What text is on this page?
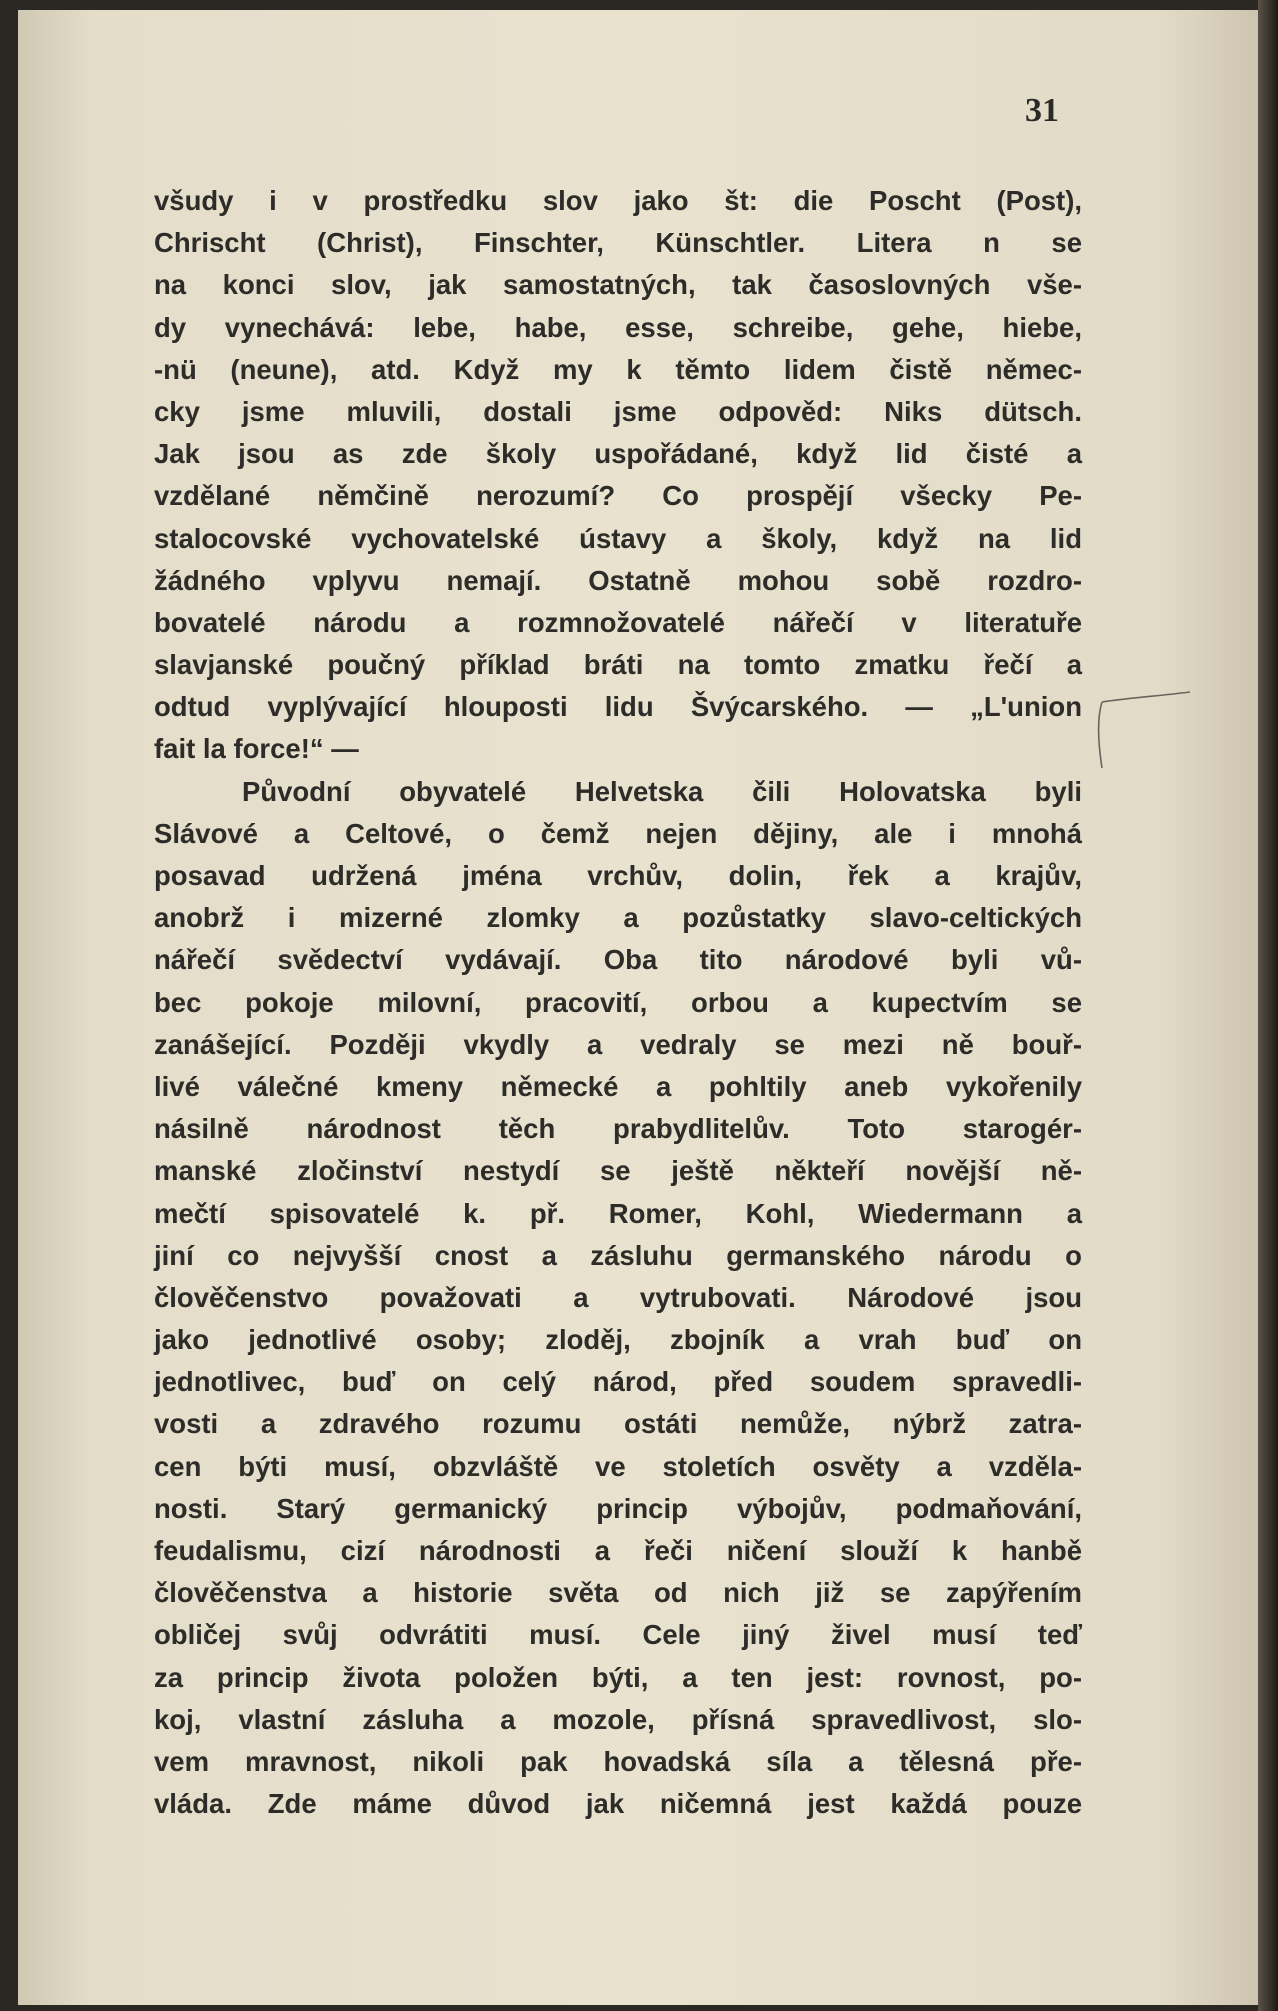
31
všudy i v prostředku slov jako št: die Poscht (Post),
Chrischt (Christ), Finschter, Künschtler. Litera n se
na konci slov, jak samostatných, tak časoslovných vše-
dy vynechává: lebe, habe, esse, schreibe, gehe, hiebe,
-nü (neune), atd. Když my k těmto lidem čistě němec-
cky jsme mluvili, dostali jsme odpověd: Niks dütsch.
Jak jsou as zde školy uspořádané, když lid čisté a
vzdělané němčině nerozumí? Co prospějí všecky Pe-
stalocovské vychovatelské ústavy a školy, když na lid
žádného vplyvu nemají. Ostatně mohou sobě rozdro-
bovatelé národu a rozmnožovatelé nářečí v literatuře
slavjanské poučný příklad bráti na tomto zmatku řečí a
odtud vyplývající hlouposti lidu Švýcarského. — „L'union
fait la force!“ —
Původní obyvatelé Helvetska čili Holovatska byli
Slávové a Celtové, o čemž nejen dějiny, ale i mnohá
posavad udržená jména vrchův, dolin, řek a krajův,
anobrž i mizerné zlomky a pozůstatky slavo-celtických
nářečí svědectví vydávají. Oba tito národové byli vů-
bec pokoje milovní, pracovití, orbou a kupectvím se
zanášející. Později vkydly a vedraly se mezi ně bouř-
livé válečné kmeny německé a pohltily aneb vykořenily
násilně národnost těch prabydlitelův. Toto starogér-
manské zločinství nestydí se ještě někteří novější ně-
mečtí spisovatelé k. př. Romer, Kohl, Wiedermann a
jiní co nejvyšší cnost a zásluhu germanského národu o
člověčenstvo považovati a vytrubovati. Národové jsou
jako jednotlivé osoby; zloděj, zbojník a vrah buď on
jednotlivec, buď on celý národ, před soudem spravedli-
vosti a zdravého rozumu ostáti nemůže, nýbrž zatra-
cen býti musí, obzvláště ve stoletích osvěty a vzděla-
nosti. Starý germanický princip výbojův, podmaňování,
feudalismu, cizí národnosti a řeči ničení slouží k hanbě
člověčenstva a historie světa od nich již se zapýřením
obličej svůj odvrátiti musí. Cele jiný živel musí teď
za princip života položen býti, a ten jest: rovnost, po-
koj, vlastní zásluha a mozole, přísná spravedlivost, slo-
vem mravnost, nikoli pak hovadská síla a tělesná pře-
vláda. Zde máme důvod jak ničemná jest každá pouze
